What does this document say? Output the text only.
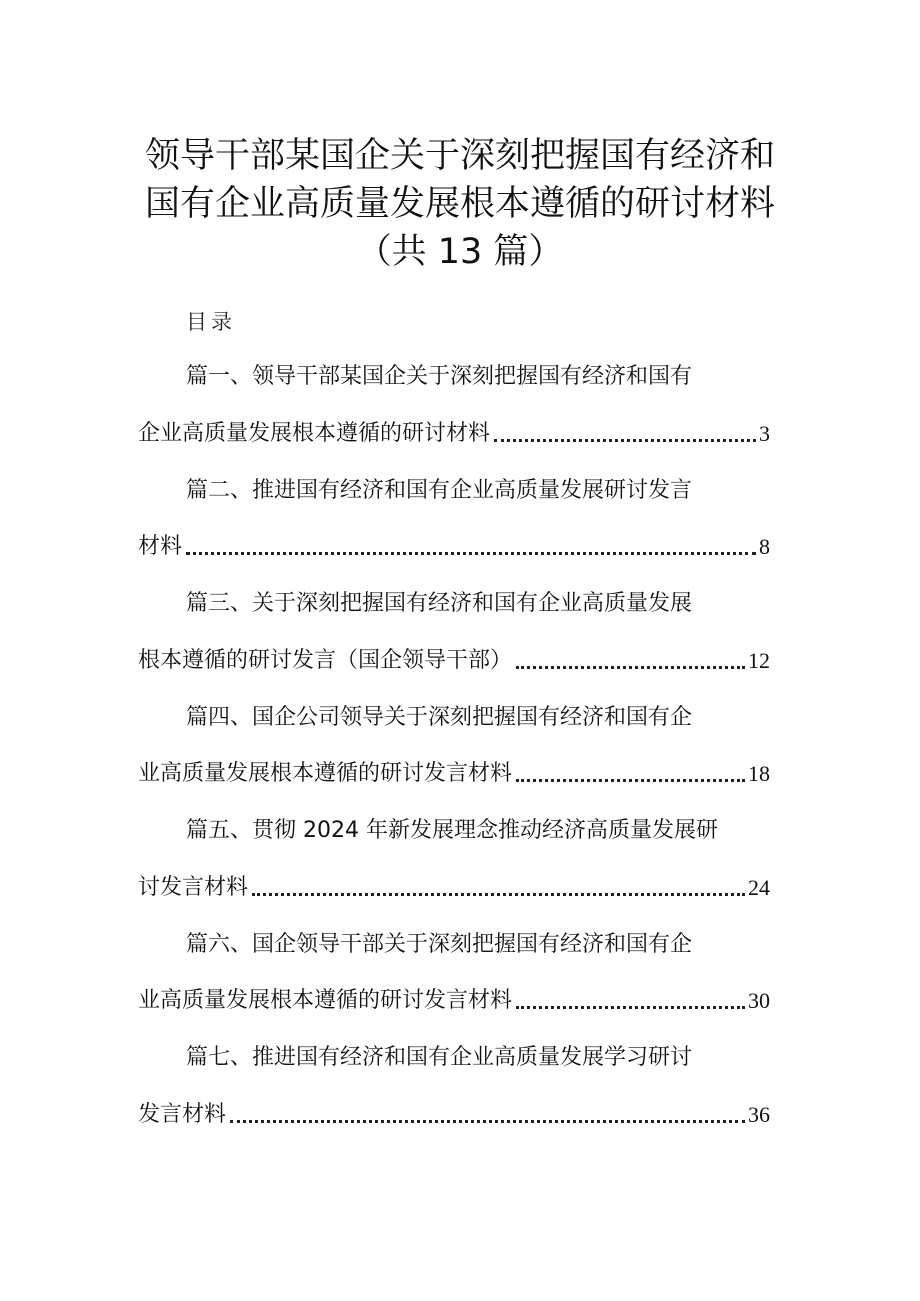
领导干部某国企关于深刻把握国有经济和
国有企业高质量发展根本遵循的研讨材料
（共 13 篇）
目录
篇一、领导干部某国企关于深刻把握国有经济和国有
企业高质量发展根本遵循的研讨材料	3
篇二、推进国有经济和国有企业高质量发展研讨发言
材料	8
篇三、关于深刻把握国有经济和国有企业高质量发展
根本遵循的研讨发言（国企领导干部）	12
篇四、国企公司领导关于深刻把握国有经济和国有企
业高质量发展根本遵循的研讨发言材料	18
篇五、贯彻 2024 年新发展理念推动经济高质量发展研
讨发言材料	24
篇六、国企领导干部关于深刻把握国有经济和国有企
业高质量发展根本遵循的研讨发言材料	30
篇七、推进国有经济和国有企业高质量发展学习研讨
发言材料	36
